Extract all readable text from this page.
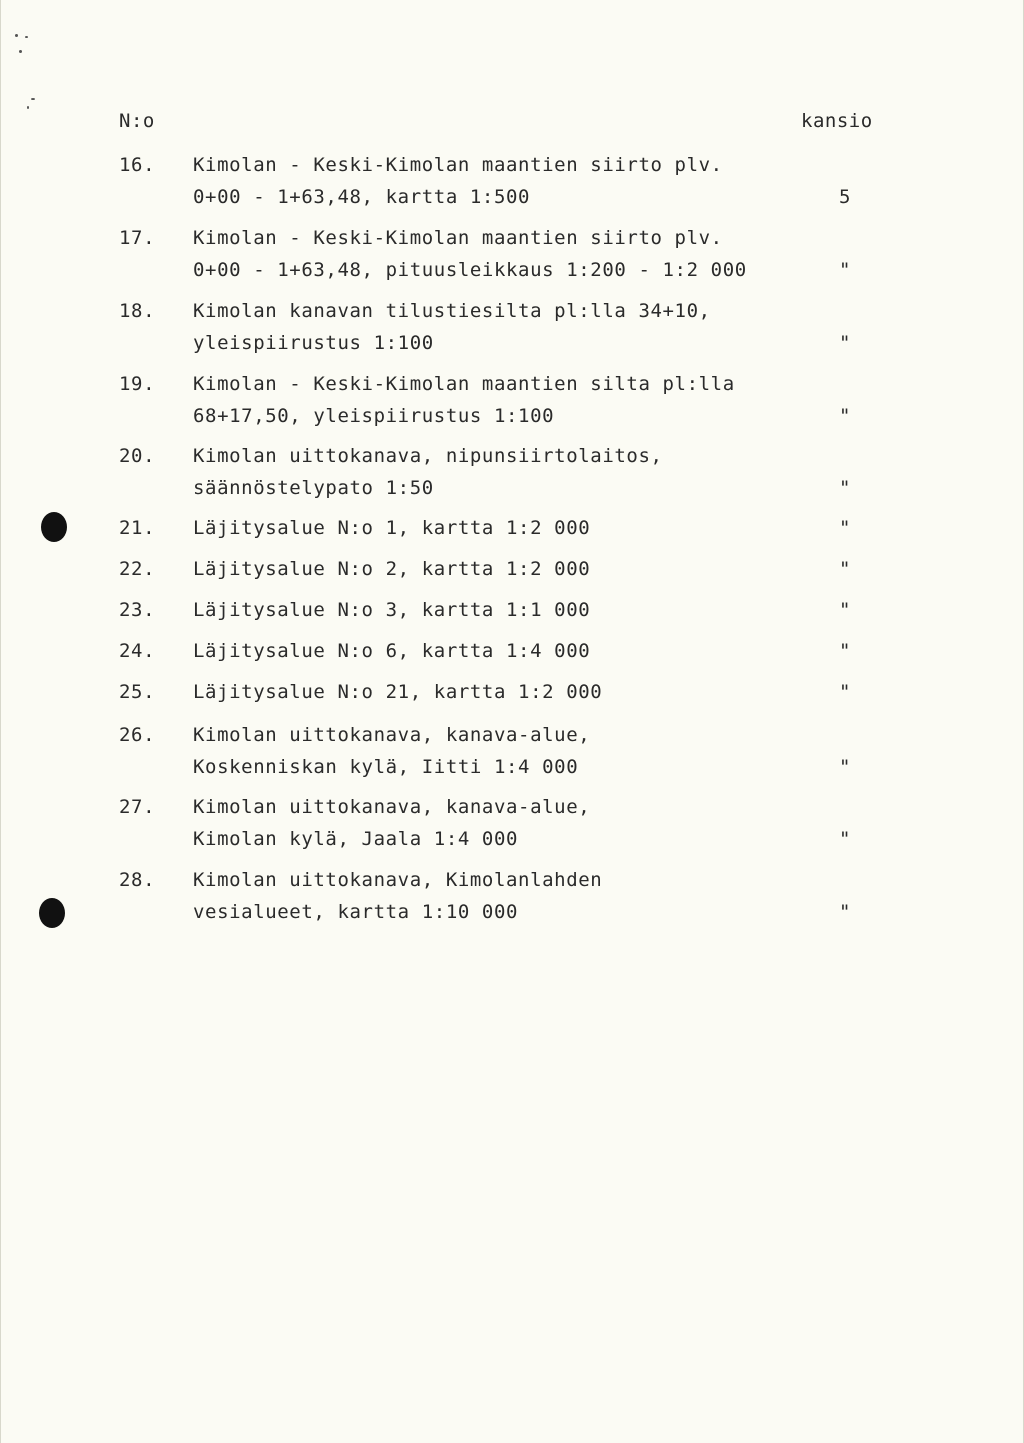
N:o	kansio
16. Kimolan - Keski-Kimolan maantien siirto plv.
0+00 - 1+63,48, kartta 1:500	5
17. Kimolan - Keski-Kimolan maantien siirto plv.
0+00 - 1+63,48, pituusleikkaus 1:200 - 1:2 000	"
18. Kimolan kanavan tilustiesilta pl:lla 34+10,
yleispiirustus 1:100	"
19. Kimolan - Keski-Kimolan maantien silta pl:lla
68+17,50, yleispiirustus 1:100	"
20. Kimolan uittokanava, nipunsiirtolaitos,
säännöstelypato 1:50	"
21. Läjitysalue N:o 1, kartta 1:2 000	"
22. Läjitysalue N:o 2, kartta 1:2 000	"
23. Läjitysalue N:o 3, kartta 1:1 000	"
24. Läjitysalue N:o 6, kartta 1:4 000	"
25. Läjitysalue N:o 21, kartta 1:2 000	"
26. Kimolan uittokanava, kanava-alue,
Koskenniskan kylä, Iitti 1:4 000	"
27. Kimolan uittokanava, kanava-alue,
Kimolan kylä, Jaala 1:4 000	"
28. Kimolan uittokanava, Kimolanlahden
vesialueet, kartta 1:10 000	"
